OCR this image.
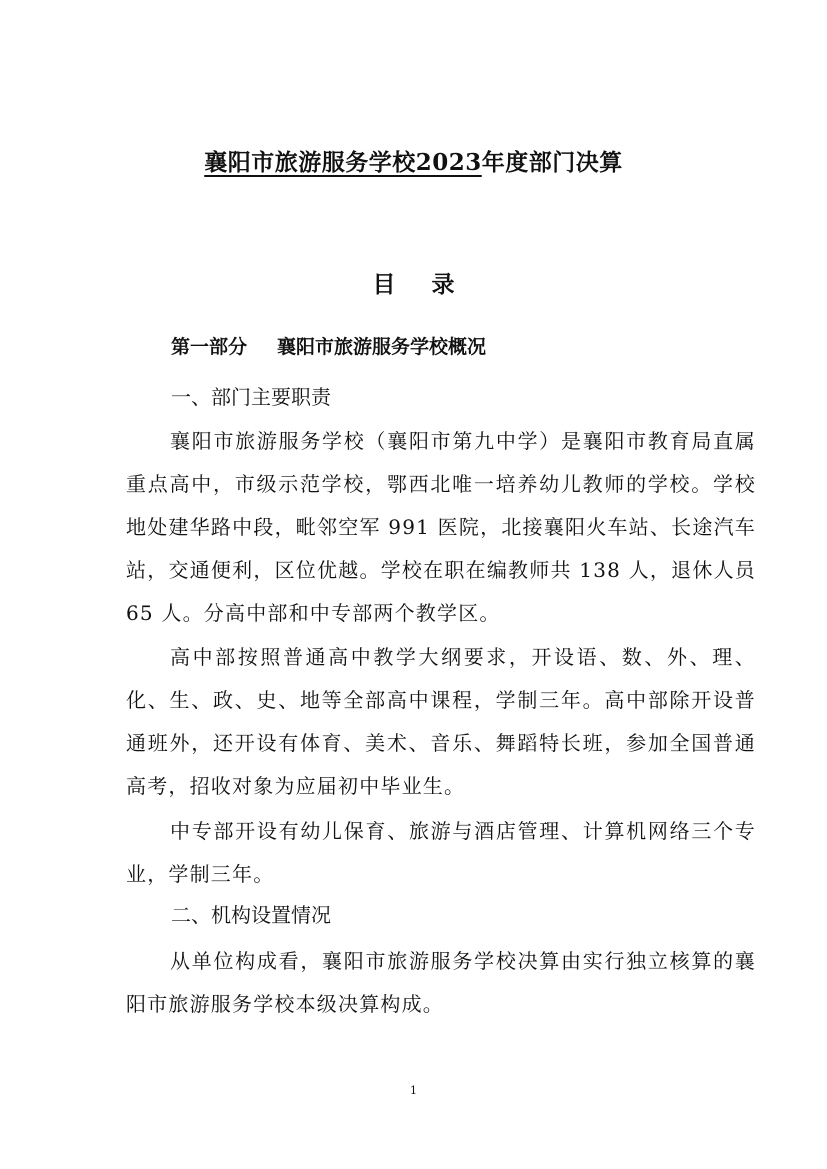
襄阳市旅游服务学校2023年度部门决算
目录
第一部分 襄阳市旅游服务学校概况
一、部门主要职责
襄阳市旅游服务学校（襄阳市第九中学）是襄阳市教育局直属重点高中，市级示范学校，鄂西北唯一培养幼儿教师的学校。学校地处建华路中段，毗邻空军 991 医院，北接襄阳火车站、长途汽车站，交通便利，区位优越。学校在职在编教师共 138 人，退休人员 65 人。分高中部和中专部两个教学区。
高中部按照普通高中教学大纲要求，开设语、数、外、理、化、生、政、史、地等全部高中课程，学制三年。高中部除开设普通班外，还开设有体育、美术、音乐、舞蹈特长班，参加全国普通高考，招收对象为应届初中毕业生。
中专部开设有幼儿保育、旅游与酒店管理、计算机网络三个专业，学制三年。
二、机构设置情况
从单位构成看，襄阳市旅游服务学校决算由实行独立核算的襄阳市旅游服务学校本级决算构成。
1
